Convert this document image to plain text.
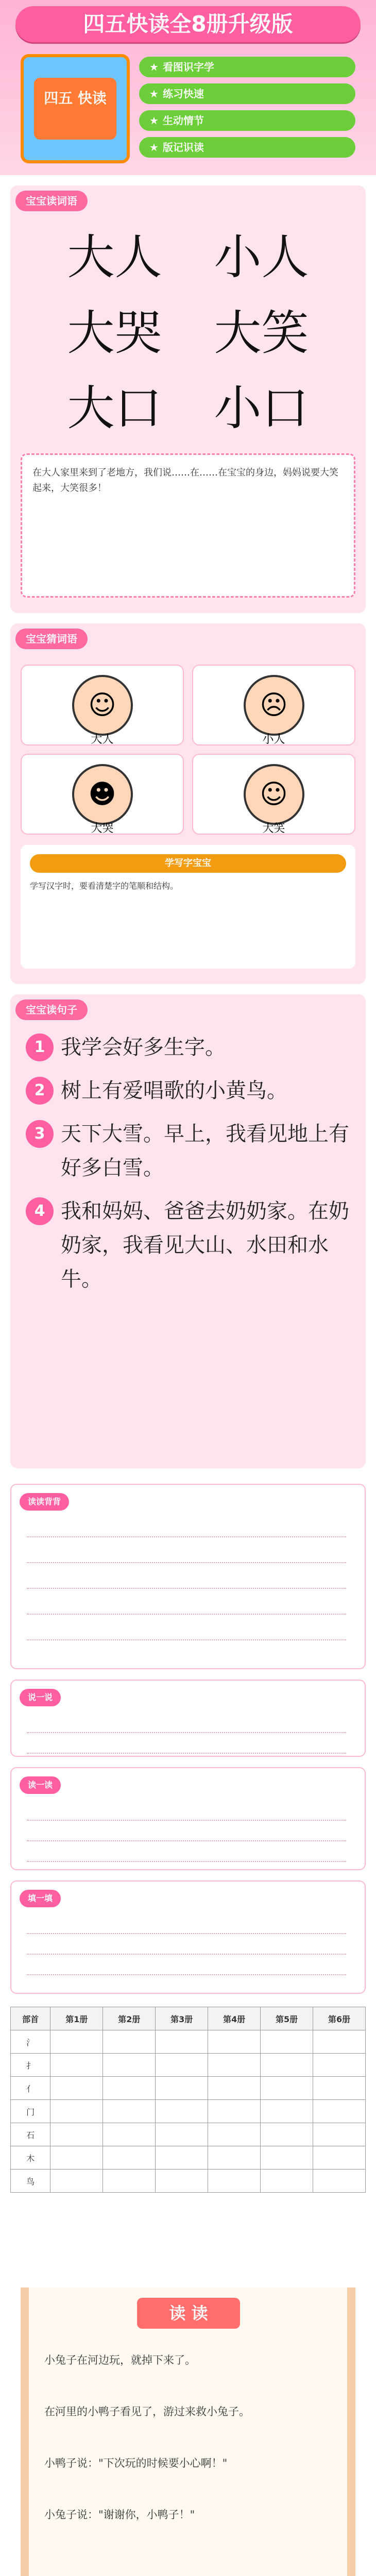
四五快读全8册升级版
四五 快读
★ 看图识字学
★ 练习快速
★ 生动情节
★ 版记识读
宝宝读词语
大人	小人
大哭	大笑
大口	小口
在大人家里来到了老地方，我们说……在……在宝宝的身边，妈妈说要大笑起来，大笑很多！
宝宝猜词语
☺
大人
☹
小人
☻
大哭
☺
大笑
学写字宝宝
学写汉字时，要看清楚字的笔顺和结构。
宝宝读句子
1 我学会好多生字。
2 树上有爱唱歌的小黄鸟。
3 天下大雪。早上，我看见地上有好多白雪。
4 我和妈妈、爸爸去奶奶家。在奶奶家，我看见大山、水田和水牛。
读读背背
说一说
读一读
填一填
部首	第1册	第2册	第3册	第4册	第5册	第6册
氵						
扌						
亻						
门						
石						
木						
鸟						
读 读
小兔子在河边玩，就掉下来了。
在河里的小鸭子看见了，游过来救小兔子。
小鸭子说："下次玩的时候要小心啊！"
小兔子说："谢谢你，小鸭子！"
